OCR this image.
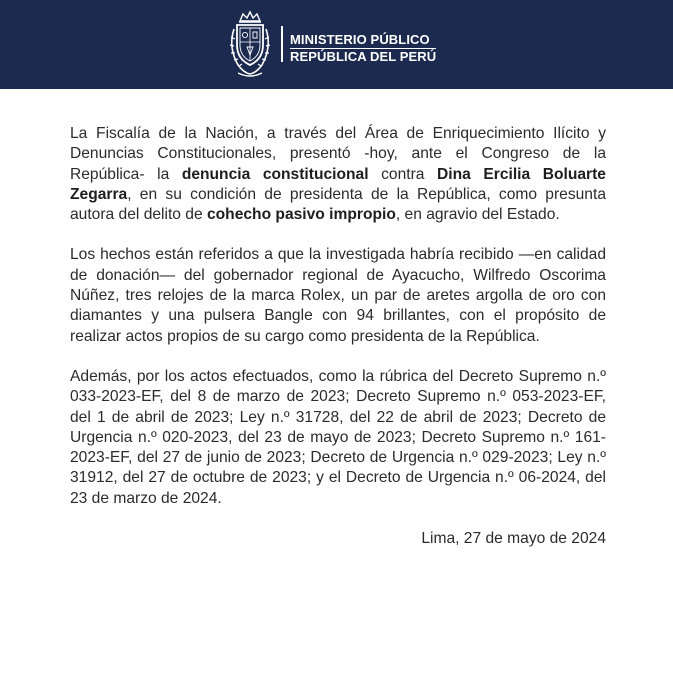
MINISTERIO PÚBLICO
REPÚBLICA DEL PERÚ

La Fiscalía de la Nación, a través del Área de Enriquecimiento Ilícito y Denuncias Constitucionales, presentó -hoy, ante el Congreso de la República- la denuncia constitucional contra Dina Ercilia Boluarte Zegarra, en su condición de presidenta de la República, como presunta autora del delito de cohecho pasivo impropio, en agravio del Estado.

Los hechos están referidos a que la investigada habría recibido —en calidad de donación— del gobernador regional de Ayacucho, Wilfredo Oscorima Núñez, tres relojes de la marca Rolex, un par de aretes argolla de oro con diamantes y una pulsera Bangle con 94 brillantes, con el propósito de realizar actos propios de su cargo como presidenta de la República.

Además, por los actos efectuados, como la rúbrica del Decreto Supremo n.º 033-2023-EF, del 8 de marzo de 2023; Decreto Supremo n.º 053-2023-EF, del 1 de abril de 2023; Ley n.º 31728, del 22 de abril de 2023; Decreto de Urgencia n.º 020-2023, del 23 de mayo de 2023; Decreto Supremo n.º 161-2023-EF, del 27 de junio de 2023; Decreto de Urgencia n.º 029-2023; Ley n.º 31912, del 27 de octubre de 2023; y el Decreto de Urgencia n.º 06-2024, del 23 de marzo de 2024.

Lima, 27 de mayo de 2024
